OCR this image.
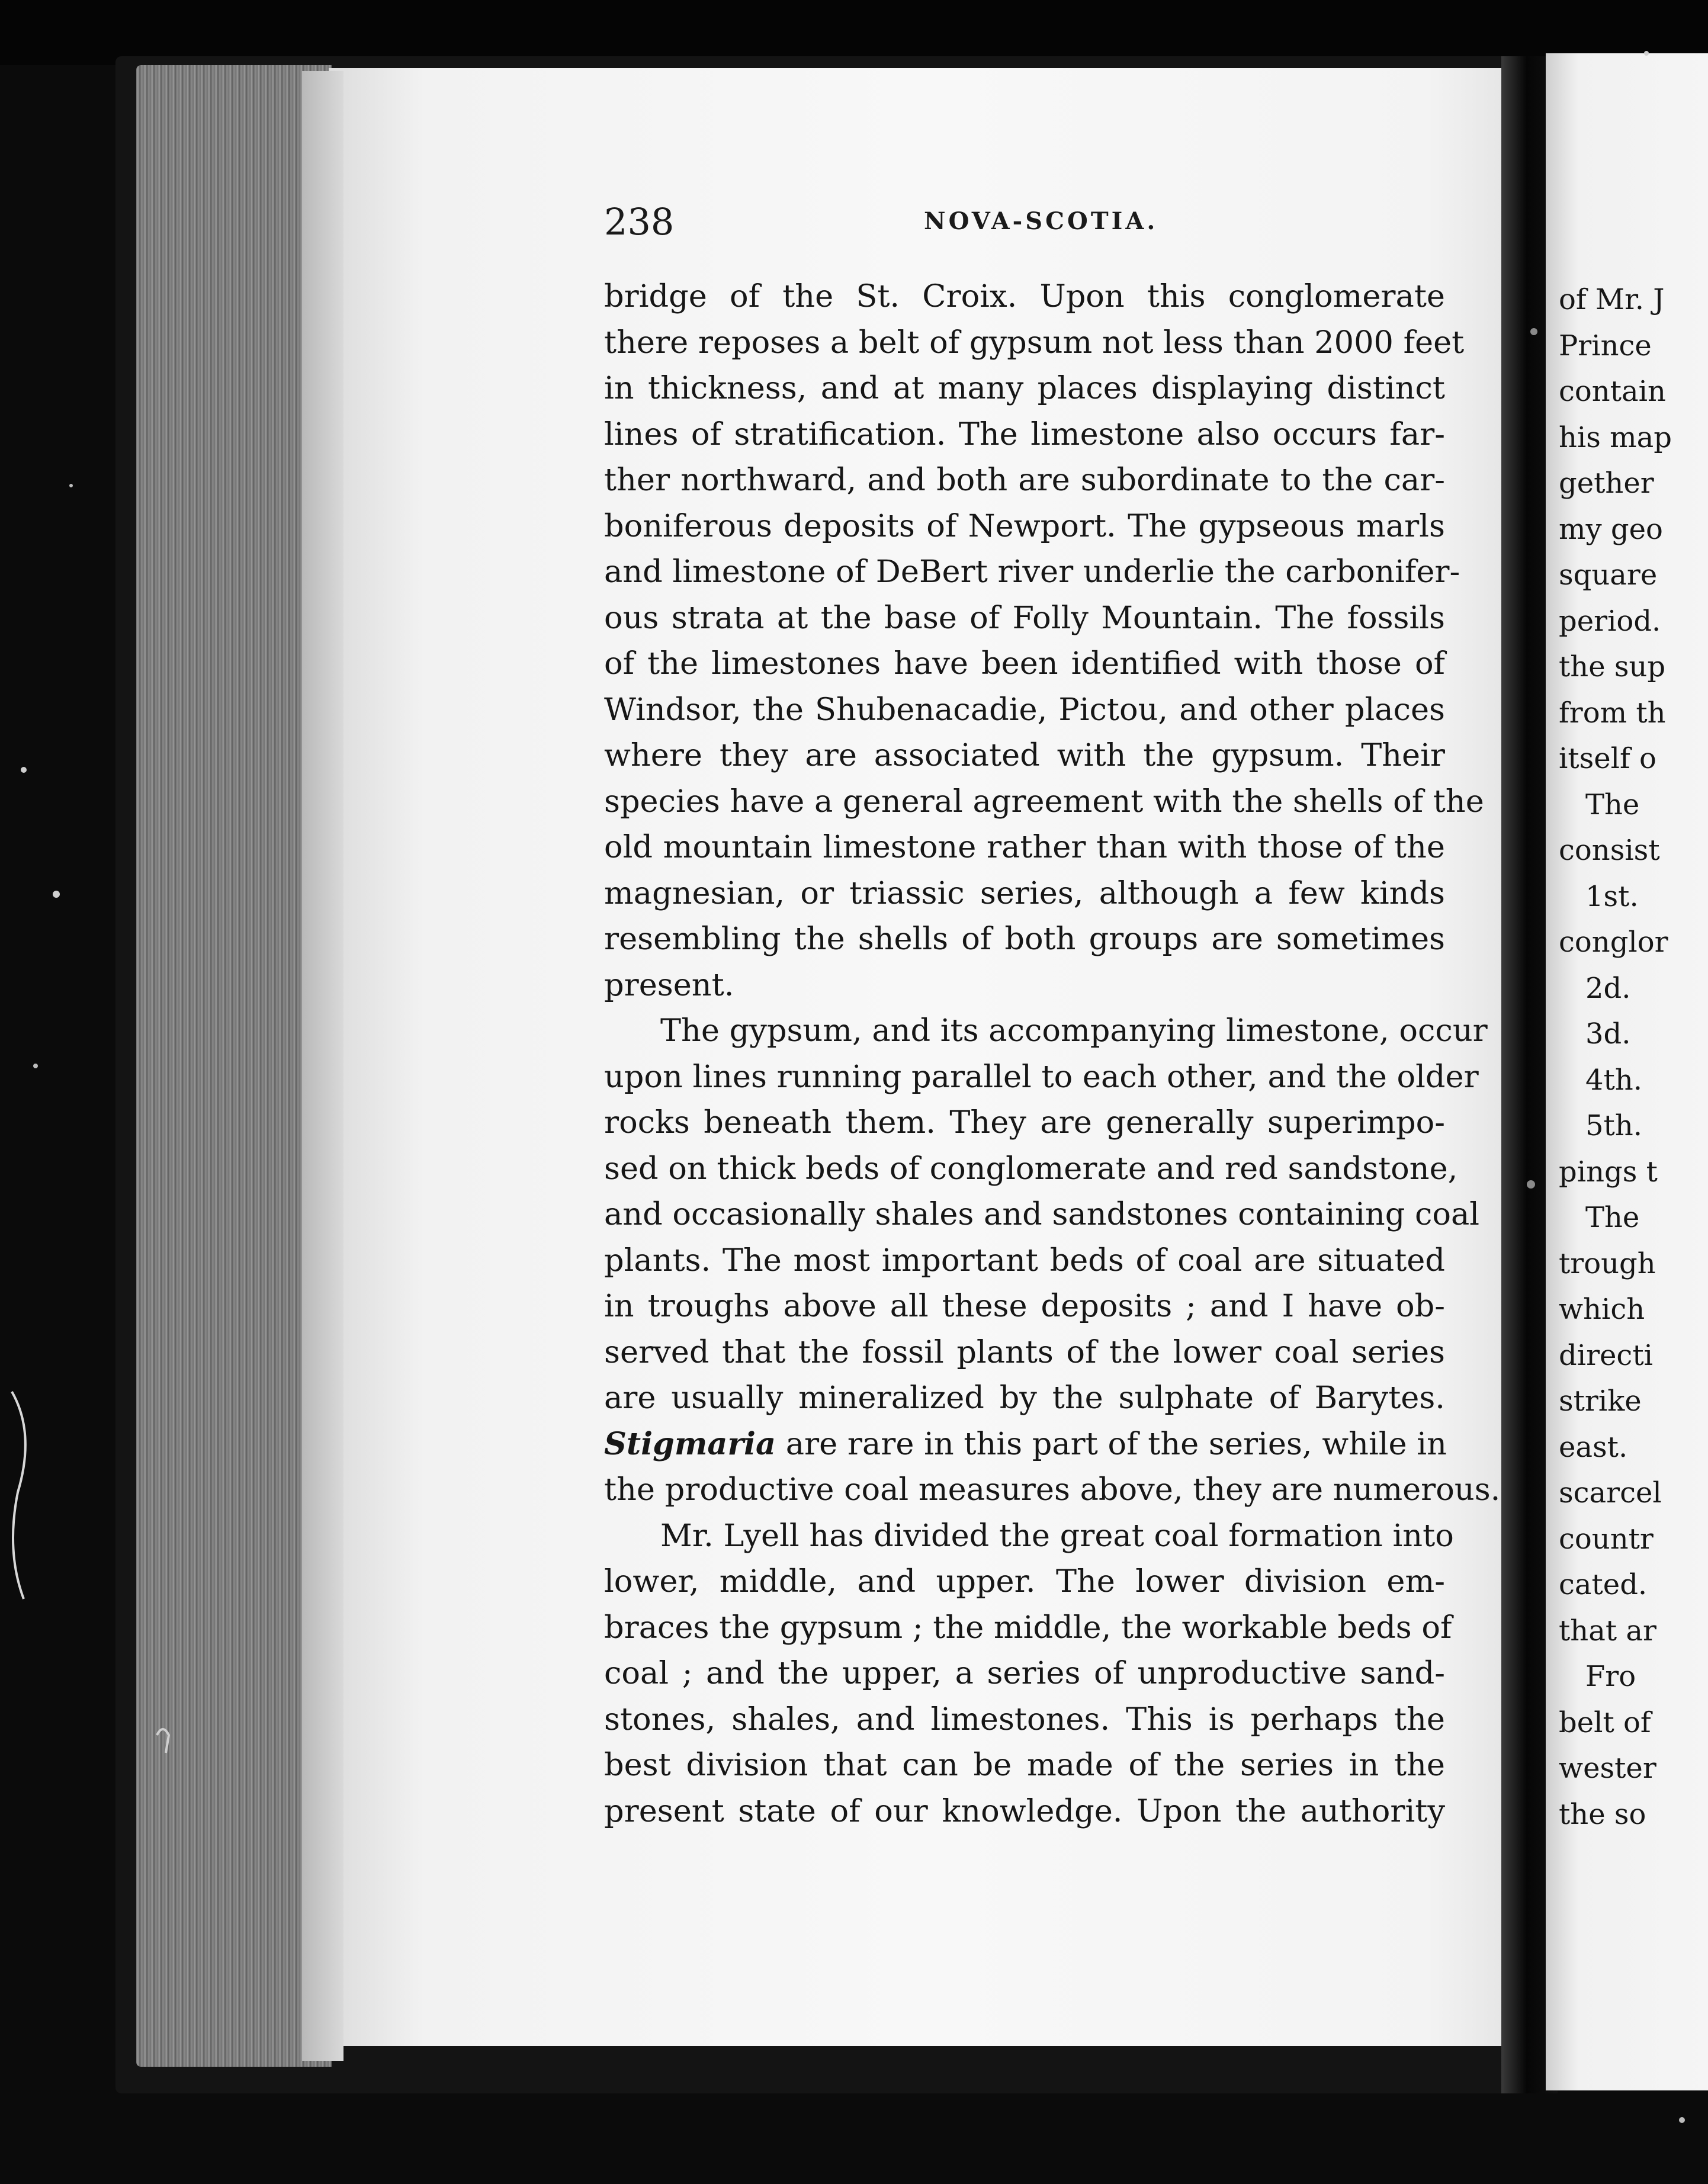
238	NOVA-SCOTIA.
bridge of the St. Croix. Upon this conglomerate
there reposes a belt of gypsum not less than 2000 feet
in thickness, and at many places displaying distinct
lines of stratification. The limestone also occurs far-
ther northward, and both are subordinate to the car-
boniferous deposits of Newport. The gypseous marls
and limestone of DeBert river underlie the carbonifer-
ous strata at the base of Folly Mountain. The fossils
of the limestones have been identified with those of
Windsor, the Shubenacadie, Pictou, and other places
where they are associated with the gypsum. Their
species have a general agreement with the shells of the
old mountain limestone rather than with those of the
magnesian, or triassic series, although a few kinds
resembling the shells of both groups are sometimes
present.
The gypsum, and its accompanying limestone, occur
upon lines running parallel to each other, and the older
rocks beneath them. They are generally superimpo-
sed on thick beds of conglomerate and red sandstone,
and occasionally shales and sandstones containing coal
plants. The most important beds of coal are situated
in troughs above all these deposits ; and I have ob-
served that the fossil plants of the lower coal series
are usually mineralized by the sulphate of Barytes.
Stigmaria are rare in this part of the series, while in
the productive coal measures above, they are numerous.
Mr. Lyell has divided the great coal formation into
lower, middle, and upper. The lower division em-
braces the gypsum ; the middle, the workable beds of
coal ; and the upper, a series of unproductive sand-
stones, shales, and limestones. This is perhaps the
best division that can be made of the series in the
present state of our knowledge. Upon the authority
of Mr. J
Prince
contain
his map
gether
my geo
square
period.
the sup
from th
itself o
The
consist
1st.
conglor
2d.
3d.
4th.
5th.
pings t
The
trough
which
directi
strike
east.
scarcel
countr
cated.
that ar
Fro
belt of
wester
the so
